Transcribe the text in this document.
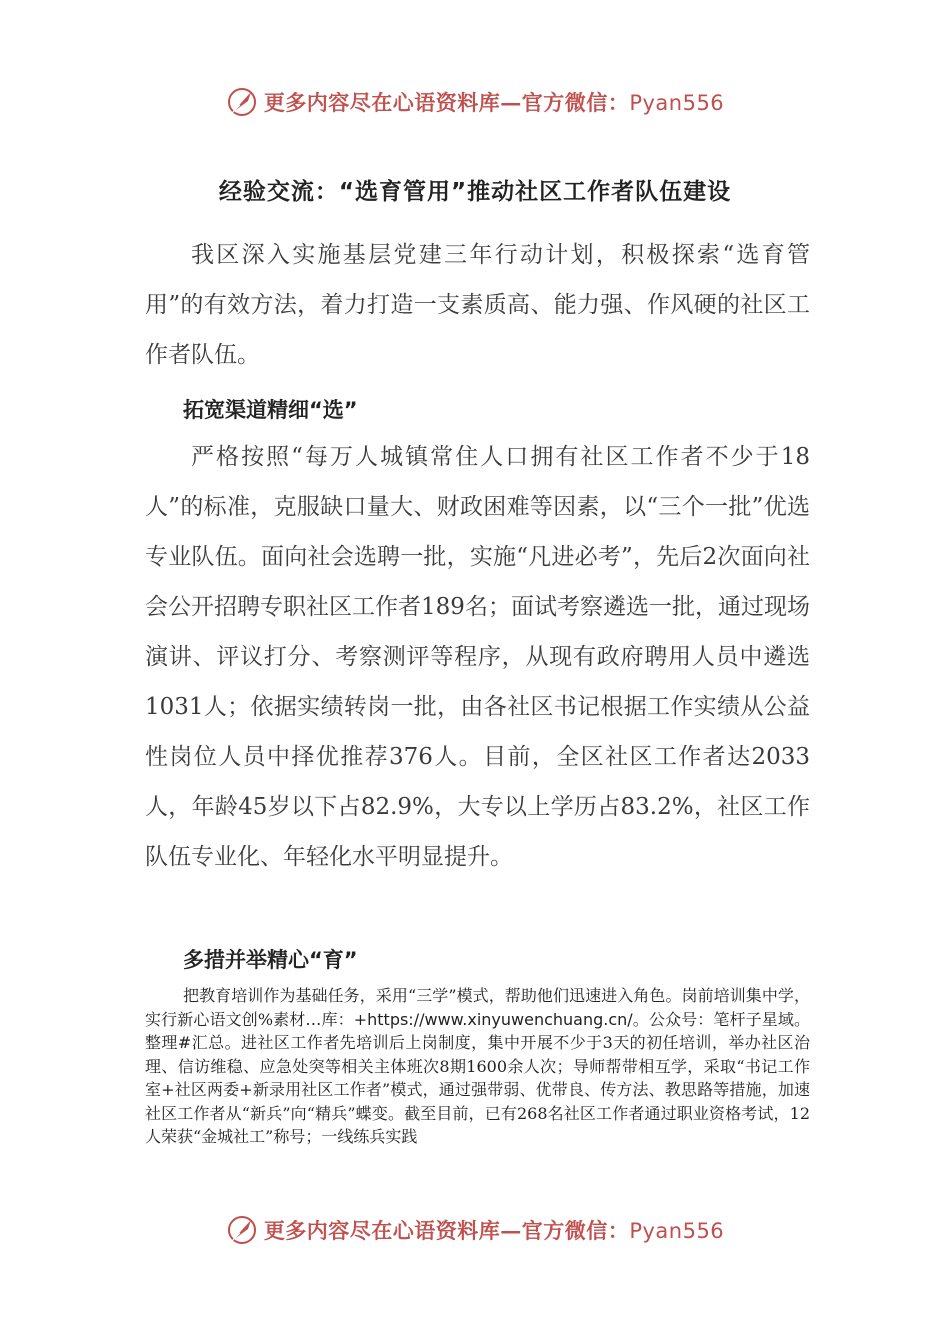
更多内容尽在心语资料库—官方微信：Pyan556
经验交流：“选育管用”推动社区工作者队伍建设

我区深入实施基层党建三年行动计划，积极探索“选育管用”的有效方法，着力打造一支素质高、能力强、作风硬的社区工作者队伍。

拓宽渠道精细“选”

严格按照“每万人城镇常住人口拥有社区工作者不少于18人”的标准，克服缺口量大、财政困难等因素，以“三个一批”优选专业队伍。面向社会选聘一批，实施“凡进必考”，先后2次面向社会公开招聘专职社区工作者189名；面试考察遴选一批，通过现场演讲、评议打分、考察测评等程序，从现有政府聘用人员中遴选1031人；依据实绩转岗一批，由各社区书记根据工作实绩从公益性岗位人员中择优推荐376人。目前，全区社区工作者达2033人，年龄45岁以下占82.9%，大专以上学历占83.2%，社区工作队伍专业化、年轻化水平明显提升。

多措并举精心“育”

把教育培训作为基础任务，采用“三学”模式，帮助他们迅速进入角色。岗前培训集中学，实行新心语文创%素材…库：+https://www.xinyuwenchuang.cn/。公众号：笔杆子星域。整理#汇总。进社区工作者先培训后上岗制度，集中开展不少于3天的初任培训，举办社区治理、信访维稳、应急处突等相关主体班次8期1600余人次；导师帮带相互学，采取“书记工作室+社区两委+新录用社区工作者”模式，通过强带弱、优带良、传方法、教思路等措施，加速社区工作者从“新兵”向“精兵”蝶变。截至目前，已有268名社区工作者通过职业资格考试，12人荣获“金城社工”称号；一线练兵实践

更多内容尽在心语资料库—官方微信：Pyan556
